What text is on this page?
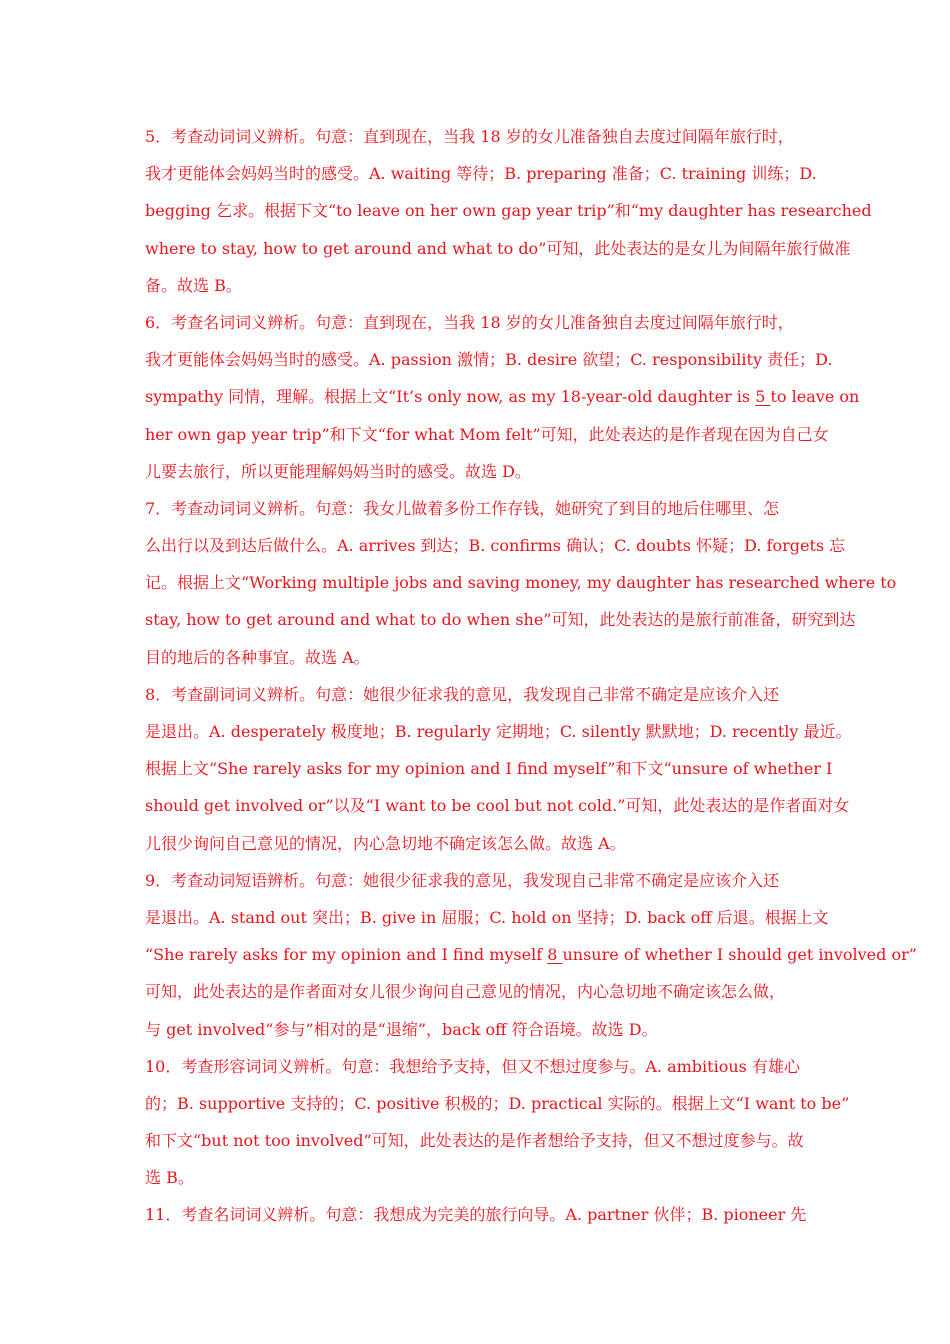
5．考查动词词义辨析。句意：直到现在，当我 18 岁的女儿准备独自去度过间隔年旅行时，
我才更能体会妈妈当时的感受。A. waiting 等待；B. preparing 准备；C. training 训练；D.
begging 乞求。根据下文“to leave on her own gap year trip”和“my daughter has researched
where to stay, how to get around and what to do”可知，此处表达的是女儿为间隔年旅行做准
备。故选 B。
6．考查名词词义辨析。句意：直到现在，当我 18 岁的女儿准备独自去度过间隔年旅行时，
我才更能体会妈妈当时的感受。A. passion 激情；B. desire 欲望；C. responsibility 责任；D.
sympathy 同情，理解。根据上文“It’s only now, as my 18-year-old daughter is 5 to leave on
her own gap year trip”和下文“for what Mom felt”可知，此处表达的是作者现在因为自己女
儿要去旅行，所以更能理解妈妈当时的感受。故选 D。
7．考查动词词义辨析。句意：我女儿做着多份工作存钱，她研究了到目的地后住哪里、怎
么出行以及到达后做什么。A. arrives 到达；B. confirms 确认；C. doubts 怀疑；D. forgets 忘
记。根据上文“Working multiple jobs and saving money, my daughter has researched where to
stay, how to get around and what to do when she”可知，此处表达的是旅行前准备，研究到达
目的地后的各种事宜。故选 A。
8．考查副词词义辨析。句意：她很少征求我的意见，我发现自己非常不确定是应该介入还
是退出。A. desperately 极度地；B. regularly 定期地；C. silently 默默地；D. recently 最近。
根据上文“She rarely asks for my opinion and I find myself”和下文“unsure of whether I
should get involved or”以及“I want to be cool but not cold.”可知，此处表达的是作者面对女
儿很少询问自己意见的情况，内心急切地不确定该怎么做。故选 A。
9．考查动词短语辨析。句意：她很少征求我的意见，我发现自己非常不确定是应该介入还
是退出。A. stand out 突出；B. give in 屈服；C. hold on 坚持；D. back off 后退。根据上文
“She rarely asks for my opinion and I find myself 8 unsure of whether I should get involved or”
可知，此处表达的是作者面对女儿很少询问自己意见的情况，内心急切地不确定该怎么做，
与 get involved“参与”相对的是“退缩”，back off 符合语境。故选 D。
10．考查形容词词义辨析。句意：我想给予支持，但又不想过度参与。A. ambitious 有雄心
的；B. supportive 支持的；C. positive 积极的；D. practical 实际的。根据上文“I want to be”
和下文“but not too involved”可知，此处表达的是作者想给予支持，但又不想过度参与。故
选 B。
11．考查名词词义辨析。句意：我想成为完美的旅行向导。A. partner 伙伴；B. pioneer 先
